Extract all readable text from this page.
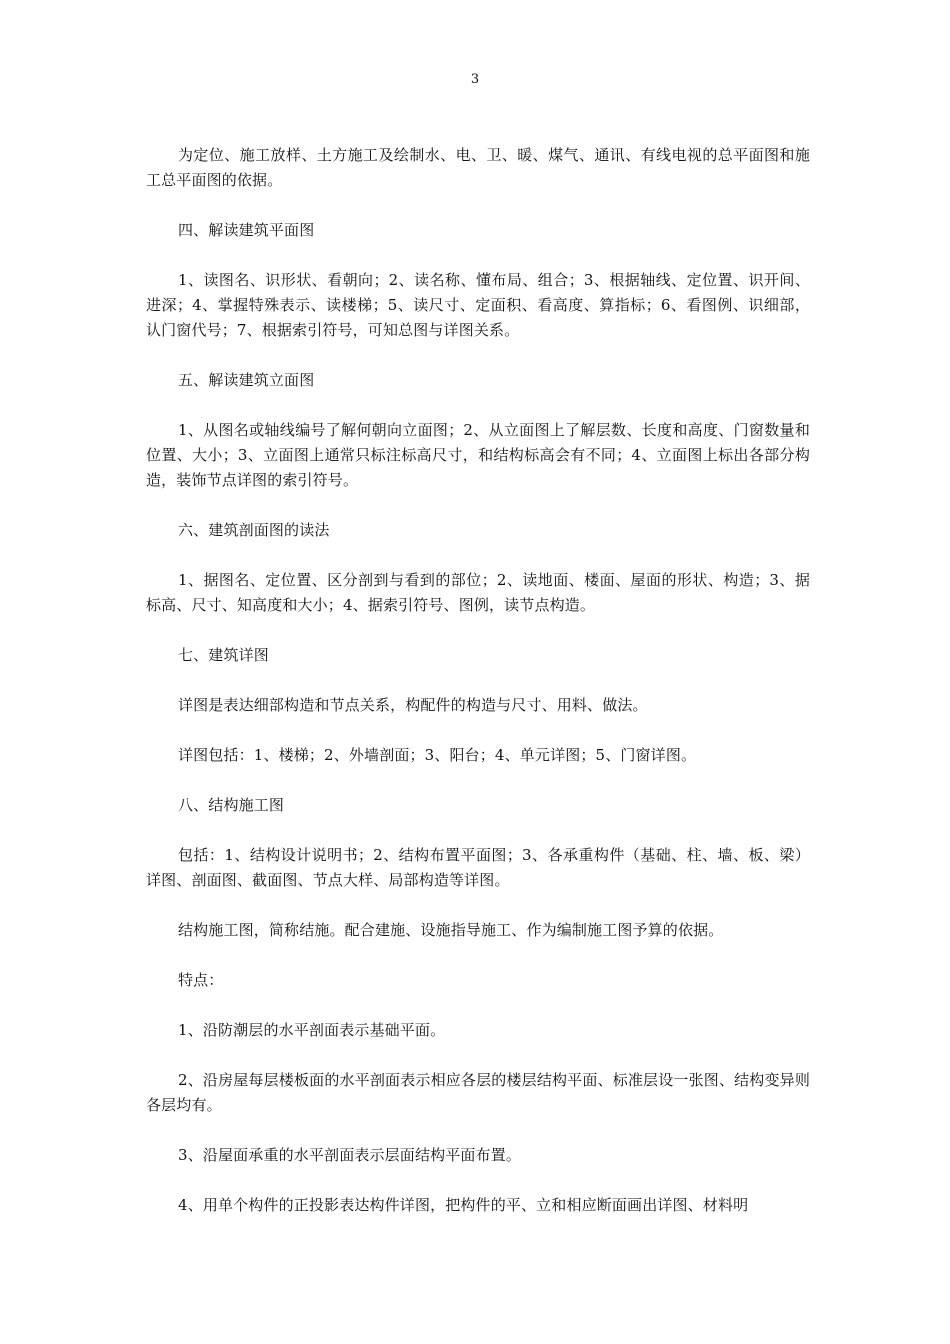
3

为定位、施工放样、土方施工及绘制水、电、卫、暖、煤气、通讯、有线电视的总平面图和施工总平面图的依据。

四、解读建筑平面图

1、读图名、识形状、看朝向；2、读名称、懂布局、组合；3、根据轴线、定位置、识开间、进深；4、掌握特殊表示、读楼梯；5、读尺寸、定面积、看高度、算指标；6、看图例、识细部，认门窗代号；7、根据索引符号，可知总图与详图关系。

五、解读建筑立面图

1、从图名或轴线编号了解何朝向立面图；2、从立面图上了解层数、长度和高度、门窗数量和位置、大小；3、立面图上通常只标注标高尺寸，和结构标高会有不同；4、立面图上标出各部分构造，装饰节点详图的索引符号。

六、建筑剖面图的读法

1、据图名、定位置、区分剖到与看到的部位；2、读地面、楼面、屋面的形状、构造；3、据标高、尺寸、知高度和大小；4、据索引符号、图例，读节点构造。

七、建筑详图

详图是表达细部构造和节点关系，构配件的构造与尺寸、用料、做法。

详图包括：1、楼梯；2、外墙剖面；3、阳台；4、单元详图；5、门窗详图。

八、结构施工图

包括：1、结构设计说明书；2、结构布置平面图；3、各承重构件（基础、柱、墙、板、梁）详图、剖面图、截面图、节点大样、局部构造等详图。

结构施工图，简称结施。配合建施、设施指导施工、作为编制施工图予算的依据。

特点：

1、沿防潮层的水平剖面表示基础平面。

2、沿房屋每层楼板面的水平剖面表示相应各层的楼层结构平面、标准层设一张图、结构变异则各层均有。

3、沿屋面承重的水平剖面表示层面结构平面布置。

4、用单个构件的正投影表达构件详图，把构件的平、立和相应断面画出详图、材料明
